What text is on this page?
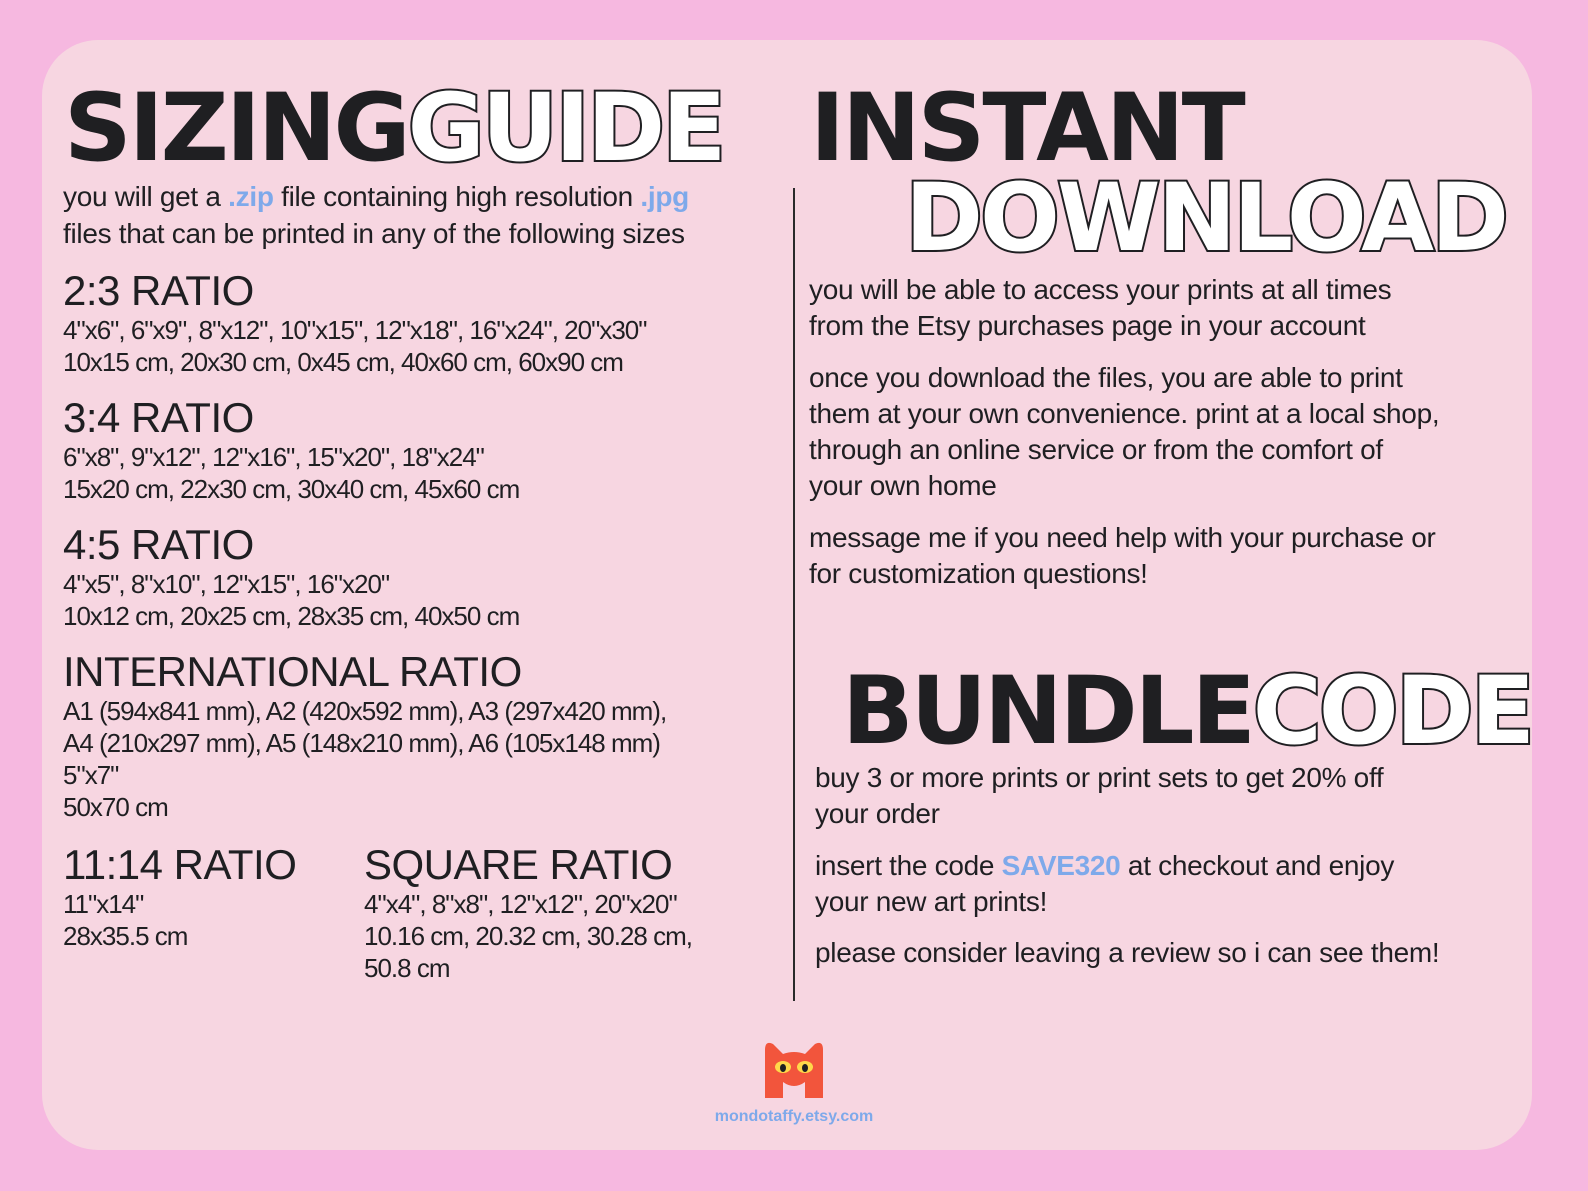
SIZINGGUIDE
you will get a .zip file containing high resolution .jpg
files that can be printed in any of the following sizes
2:3 RATIO
4"x6", 6"x9", 8"x12", 10"x15", 12"x18", 16"x24", 20"x30"
10x15 cm, 20x30 cm, 0x45 cm, 40x60 cm, 60x90 cm
3:4 RATIO
6"x8", 9"x12", 12"x16", 15"x20", 18"x24"
15x20 cm, 22x30 cm, 30x40 cm, 45x60 cm
4:5 RATIO
4"x5", 8"x10", 12"x15", 16"x20"
10x12 cm, 20x25 cm, 28x35 cm, 40x50 cm
INTERNATIONAL RATIO
A1 (594x841 mm), A2 (420x592 mm), A3 (297x420 mm),
A4 (210x297 mm), A5 (148x210 mm), A6 (105x148 mm)
5"x7"
50x70 cm
11:14 RATIO
11"x14"
28x35.5 cm
SQUARE RATIO
4"x4", 8"x8", 12"x12", 20"x20"
10.16 cm, 20.32 cm, 30.28 cm,
50.8 cm
INSTANT
DOWNLOAD
you will be able to access your prints at all times
from the Etsy purchases page in your account
once you download the files, you are able to print
them at your own convenience. print at a local shop,
through an online service or from the comfort of
your own home
message me if you need help with your purchase or
for customization questions!
BUNDLECODE
buy 3 or more prints or print sets to get 20% off
your order
insert the code SAVE320 at checkout and enjoy
your new art prints!
please consider leaving a review so i can see them!
mondotaffy.etsy.com
